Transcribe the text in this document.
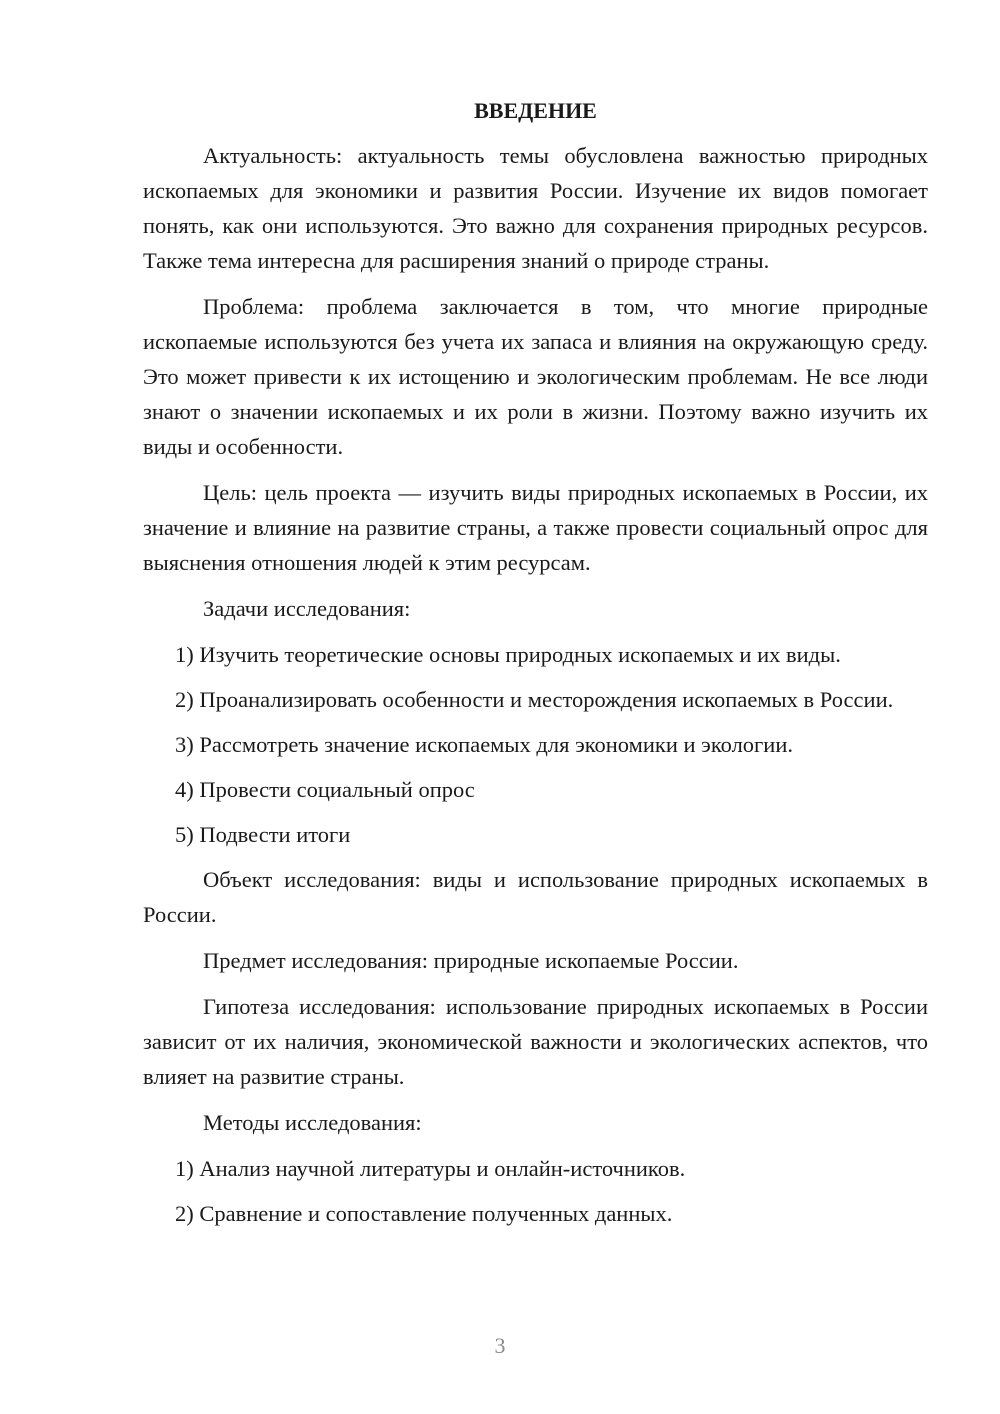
ВВЕДЕНИЕ

Актуальность: актуальность темы обусловлена важностью природных ископаемых для экономики и развития России. Изучение их видов помогает понять, как они используются. Это важно для сохранения природных ресурсов. Также тема интересна для расширения знаний о природе страны.

Проблема: проблема заключается в том, что многие природные ископаемые используются без учета их запаса и влияния на окружающую среду. Это может привести к их истощению и экологическим проблемам. Не все люди знают о значении ископаемых и их роли в жизни. Поэтому важно изучить их виды и особенности.

Цель: цель проекта — изучить виды природных ископаемых в России, их значение и влияние на развитие страны, а также провести социальный опрос для выяснения отношения людей к этим ресурсам.

Задачи исследования:

1) Изучить теоретические основы природных ископаемых и их виды.

2) Проанализировать особенности и месторождения ископаемых в России.

3) Рассмотреть значение ископаемых для экономики и экологии.

4) Провести социальный опрос

5) Подвести итоги

Объект исследования: виды и использование природных ископаемых в России.

Предмет исследования: природные ископаемые России.

Гипотеза исследования: использование природных ископаемых в России зависит от их наличия, экономической важности и экологических аспектов, что влияет на развитие страны.

Методы исследования:

1) Анализ научной литературы и онлайн-источников.

2) Сравнение и сопоставление полученных данных.

3
